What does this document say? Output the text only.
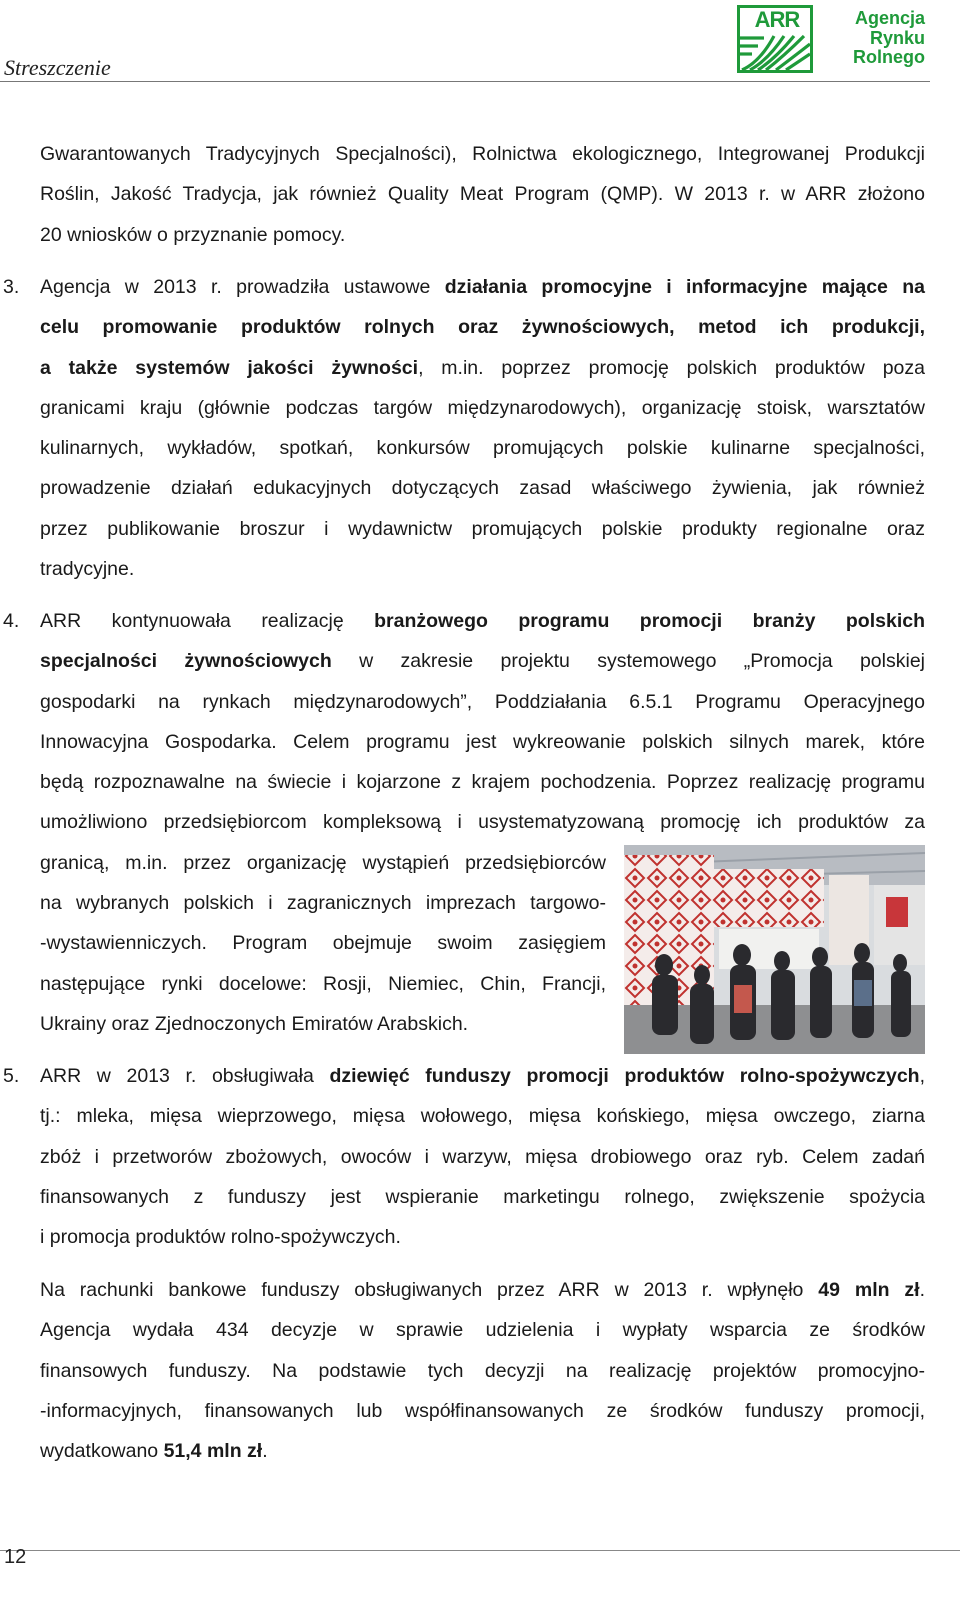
Streszczenie
ARR	Agencja
Rynku
Rolnego
Gwarantowanych Tradycyjnych Specjalności), Rolnictwa ekologicznego, Integrowanej Produkcji
Roślin, Jakość Tradycja, jak również Quality Meat Program (QMP). W 2013 r. w ARR złożono
20 wniosków o przyznanie pomocy.
3. Agencja w 2013 r. prowadziła ustawowe działania promocyjne i informacyjne mające na
celu promowanie produktów rolnych oraz żywnościowych, metod ich produkcji,
a także systemów jakości żywności, m.in. poprzez promocję polskich produktów poza
granicami kraju (głównie podczas targów międzynarodowych), organizację stoisk, warsztatów
kulinarnych, wykładów, spotkań, konkursów promujących polskie kulinarne specjalności,
prowadzenie działań edukacyjnych dotyczących zasad właściwego żywienia, jak również
przez publikowanie broszur i wydawnictw promujących polskie produkty regionalne oraz
tradycyjne.
4. ARR kontynuowała realizację branżowego programu promocji branży polskich
specjalności żywnościowych w zakresie projektu systemowego „Promocja polskiej
gospodarki na rynkach międzynarodowych”, Poddziałania 6.5.1 Programu Operacyjnego
Innowacyjna Gospodarka. Celem programu jest wykreowanie polskich silnych marek, które
będą rozpoznawalne na świecie i kojarzone z krajem pochodzenia. Poprzez realizację programu
umożliwiono przedsiębiorcom kompleksową i usystematyzowaną promocję ich produktów za
granicą, m.in. przez organizację wystąpień przedsiębiorców
na wybranych polskich i zagranicznych imprezach targowo-
-wystawienniczych. Program obejmuje swoim zasięgiem
następujące rynki docelowe: Rosji, Niemiec, Chin, Francji,
Ukrainy oraz Zjednoczonych Emiratów Arabskich.
5. ARR w 2013 r. obsługiwała dziewięć funduszy promocji produktów rolno-spożywczych,
tj.: mleka, mięsa wieprzowego, mięsa wołowego, mięsa końskiego, mięsa owczego, ziarna
zbóż i przetworów zbożowych, owoców i warzyw, mięsa drobiowego oraz ryb. Celem zadań
finansowanych z funduszy jest wspieranie marketingu rolnego, zwiększenie spożycia
i promocja produktów rolno-spożywczych.
Na rachunki bankowe funduszy obsługiwanych przez ARR w 2013 r. wpłynęło 49 mln zł.
Agencja wydała 434 decyzje w sprawie udzielenia i wypłaty wsparcia ze środków
finansowych funduszy. Na podstawie tych decyzji na realizację projektów promocyjno-
-informacyjnych, finansowanych lub współfinansowanych ze środków funduszy promocji,
wydatkowano 51,4 mln zł.
12
